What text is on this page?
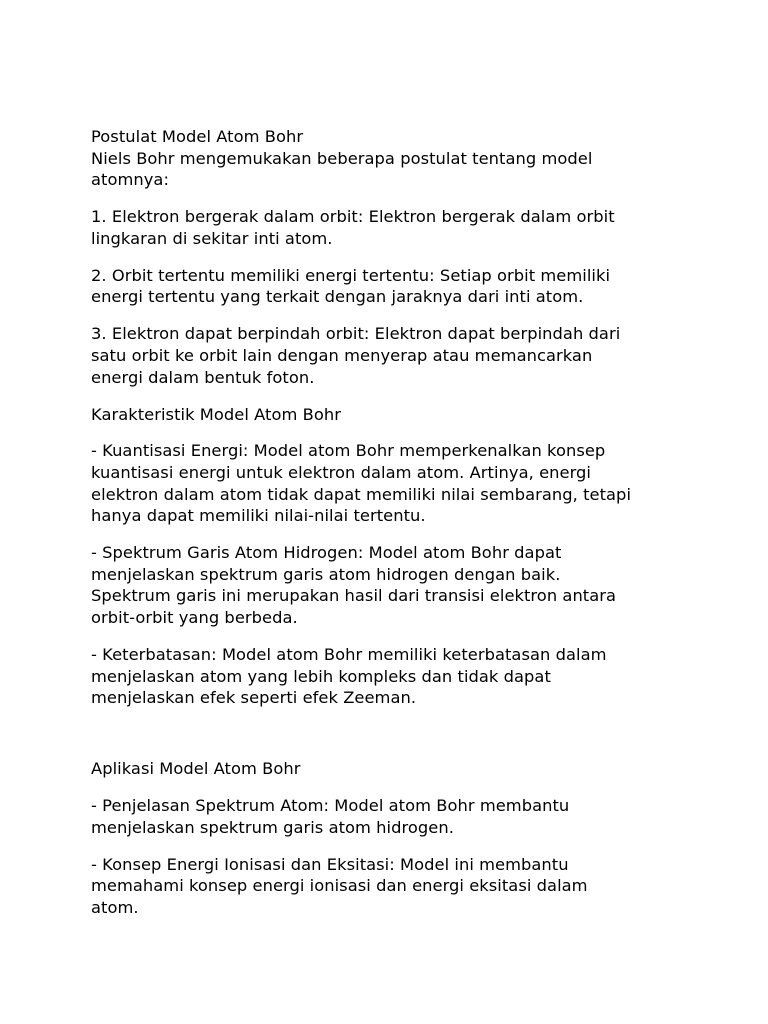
Postulat Model Atom Bohr

Niels Bohr mengemukakan beberapa postulat tentang model
atomnya:

1. Elektron bergerak dalam orbit: Elektron bergerak dalam orbit
lingkaran di sekitar inti atom.

2. Orbit tertentu memiliki energi tertentu: Setiap orbit memiliki
energi tertentu yang terkait dengan jaraknya dari inti atom.

3. Elektron dapat berpindah orbit: Elektron dapat berpindah dari
satu orbit ke orbit lain dengan menyerap atau memancarkan
energi dalam bentuk foton.

Karakteristik Model Atom Bohr

- Kuantisasi Energi: Model atom Bohr memperkenalkan konsep
kuantisasi energi untuk elektron dalam atom. Artinya, energi
elektron dalam atom tidak dapat memiliki nilai sembarang, tetapi
hanya dapat memiliki nilai-nilai tertentu.

- Spektrum Garis Atom Hidrogen: Model atom Bohr dapat
menjelaskan spektrum garis atom hidrogen dengan baik.
Spektrum garis ini merupakan hasil dari transisi elektron antara
orbit-orbit yang berbeda.

- Keterbatasan: Model atom Bohr memiliki keterbatasan dalam
menjelaskan atom yang lebih kompleks dan tidak dapat
menjelaskan efek seperti efek Zeeman.

Aplikasi Model Atom Bohr

- Penjelasan Spektrum Atom: Model atom Bohr membantu
menjelaskan spektrum garis atom hidrogen.

- Konsep Energi Ionisasi dan Eksitasi: Model ini membantu
memahami konsep energi ionisasi dan energi eksitasi dalam
atom.
